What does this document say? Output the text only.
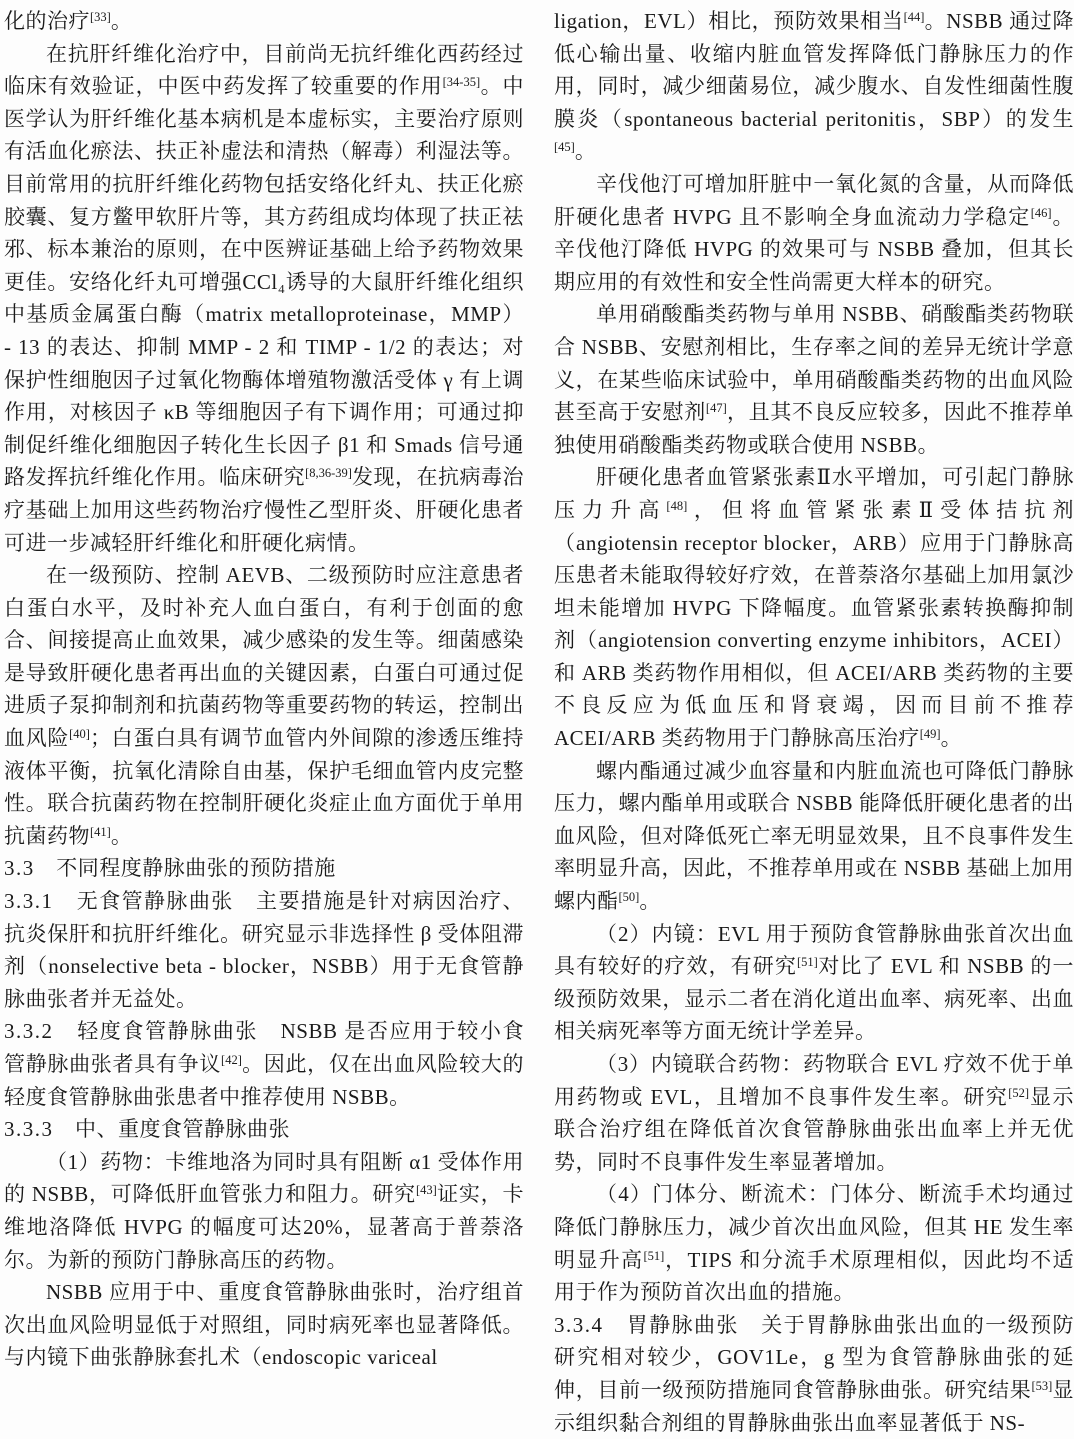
化的治疗[33]。

在抗肝纤维化治疗中，目前尚无抗纤维化西药经过临床有效验证，中医中药发挥了较重要的作用[34-35]。中医学认为肝纤维化基本病机是本虚标实，主要治疗原则有活血化瘀法、扶正补虚法和清热（解毒）利湿法等。目前常用的抗肝纤维化药物包括安络化纤丸、扶正化瘀胶囊、复方鳖甲软肝片等，其方药组成均体现了扶正祛邪、标本兼治的原则，在中医辨证基础上给予药物效果更佳。安络化纤丸可增强CCl₄诱导的大鼠肝纤维化组织中基质金属蛋白酶（matrix metalloproteinase，MMP） - 13 的表达、抑制 MMP - 2 和 TIMP - 1/2 的表达；对保护性细胞因子过氧化物酶体增殖物激活受体 γ 有上调作用，对核因子 κB 等细胞因子有下调作用；可通过抑制促纤维化细胞因子转化生长因子 β1 和 Smads 信号通路发挥抗纤维化作用。临床研究[8,36-39]发现，在抗病毒治疗基础上加用这些药物治疗慢性乙型肝炎、肝硬化患者可进一步减轻肝纤维化和肝硬化病情。

在一级预防、控制 AEVB、二级预防时应注意患者白蛋白水平，及时补充人血白蛋白，有利于创面的愈合、间接提高止血效果，减少感染的发生等。细菌感染是导致肝硬化患者再出血的关键因素，白蛋白可通过促进质子泵抑制剂和抗菌药物等重要药物的转运，控制出血风险[40]；白蛋白具有调节血管内外间隙的渗透压维持液体平衡，抗氧化清除自由基，保护毛细血管内皮完整性。联合抗菌药物在控制肝硬化炎症止血方面优于单用抗菌药物[41]。

3.3　不同程度静脉曲张的预防措施

3.3.1　无食管静脉曲张　主要措施是针对病因治疗、抗炎保肝和抗肝纤维化。研究显示非选择性 β 受体阻滞剂（nonselective beta - blocker，NSBB）用于无食管静脉曲张者并无益处。

3.3.2　轻度食管静脉曲张　NSBB 是否应用于较小食管静脉曲张者具有争议[42]。因此，仅在出血风险较大的轻度食管静脉曲张患者中推荐使用 NSBB。

3.3.3　中、重度食管静脉曲张

（1）药物：卡维地洛为同时具有阻断 α1 受体作用的 NSBB，可降低肝血管张力和阻力。研究[43]证实，卡维地洛降低 HVPG 的幅度可达20%，显著高于普萘洛尔。为新的预防门静脉高压的药物。

NSBB 应用于中、重度食管静脉曲张时，治疗组首次出血风险明显低于对照组，同时病死率也显著降低。与内镜下曲张静脉套扎术（endoscopic variceal

ligation，EVL）相比，预防效果相当[44]。NSBB 通过降低心输出量、收缩内脏血管发挥降低门静脉压力的作用，同时，减少细菌易位，减少腹水、自发性细菌性腹膜炎（spontaneous bacterial peritonitis，SBP）的发生[45]。

辛伐他汀可增加肝脏中一氧化氮的含量，从而降低肝硬化患者 HVPG 且不影响全身血流动力学稳定[46]。辛伐他汀降低 HVPG 的效果可与 NSBB 叠加，但其长期应用的有效性和安全性尚需更大样本的研究。

单用硝酸酯类药物与单用 NSBB、硝酸酯类药物联合 NSBB、安慰剂相比，生存率之间的差异无统计学意义，在某些临床试验中，单用硝酸酯类药物的出血风险甚至高于安慰剂[47]，且其不良反应较多，因此不推荐单独使用硝酸酯类药物或联合使用 NSBB。

肝硬化患者血管紧张素Ⅱ水平增加，可引起门静脉压力升高[48]，但将血管紧张素Ⅱ受体拮抗剂（angiotensin receptor blocker，ARB）应用于门静脉高压患者未能取得较好疗效，在普萘洛尔基础上加用氯沙坦未能增加 HVPG 下降幅度。血管紧张素转换酶抑制剂（angiotension converting enzyme inhibitors，ACEI）和 ARB 类药物作用相似，但 ACEI/ARB 类药物的主要不良反应为低血压和肾衰竭，因而目前不推荐 ACEI/ARB 类药物用于门静脉高压治疗[49]。

螺内酯通过减少血容量和内脏血流也可降低门静脉压力，螺内酯单用或联合 NSBB 能降低肝硬化患者的出血风险，但对降低死亡率无明显效果，且不良事件发生率明显升高，因此，不推荐单用或在 NSBB 基础上加用螺内酯[50]。

（2）内镜：EVL 用于预防食管静脉曲张首次出血具有较好的疗效，有研究[51]对比了 EVL 和 NSBB 的一级预防效果，显示二者在消化道出血率、病死率、出血相关病死率等方面无统计学差异。

（3）内镜联合药物：药物联合 EVL 疗效不优于单用药物或 EVL，且增加不良事件发生率。研究[52]显示联合治疗组在降低首次食管静脉曲张出血率上并无优势，同时不良事件发生率显著增加。

（4）门体分、断流术：门体分、断流手术均通过降低门静脉压力，减少首次出血风险，但其 HE 发生率明显升高[51]，TIPS 和分流手术原理相似，因此均不适用于作为预防首次出血的措施。

3.3.4　胃静脉曲张　关于胃静脉曲张出血的一级预防研究相对较少，GOV1Le，g 型为食管静脉曲张的延伸，目前一级预防措施同食管静脉曲张。研究结果[53]显示组织黏合剂组的胃静脉曲张出血率显著低于 NS-
